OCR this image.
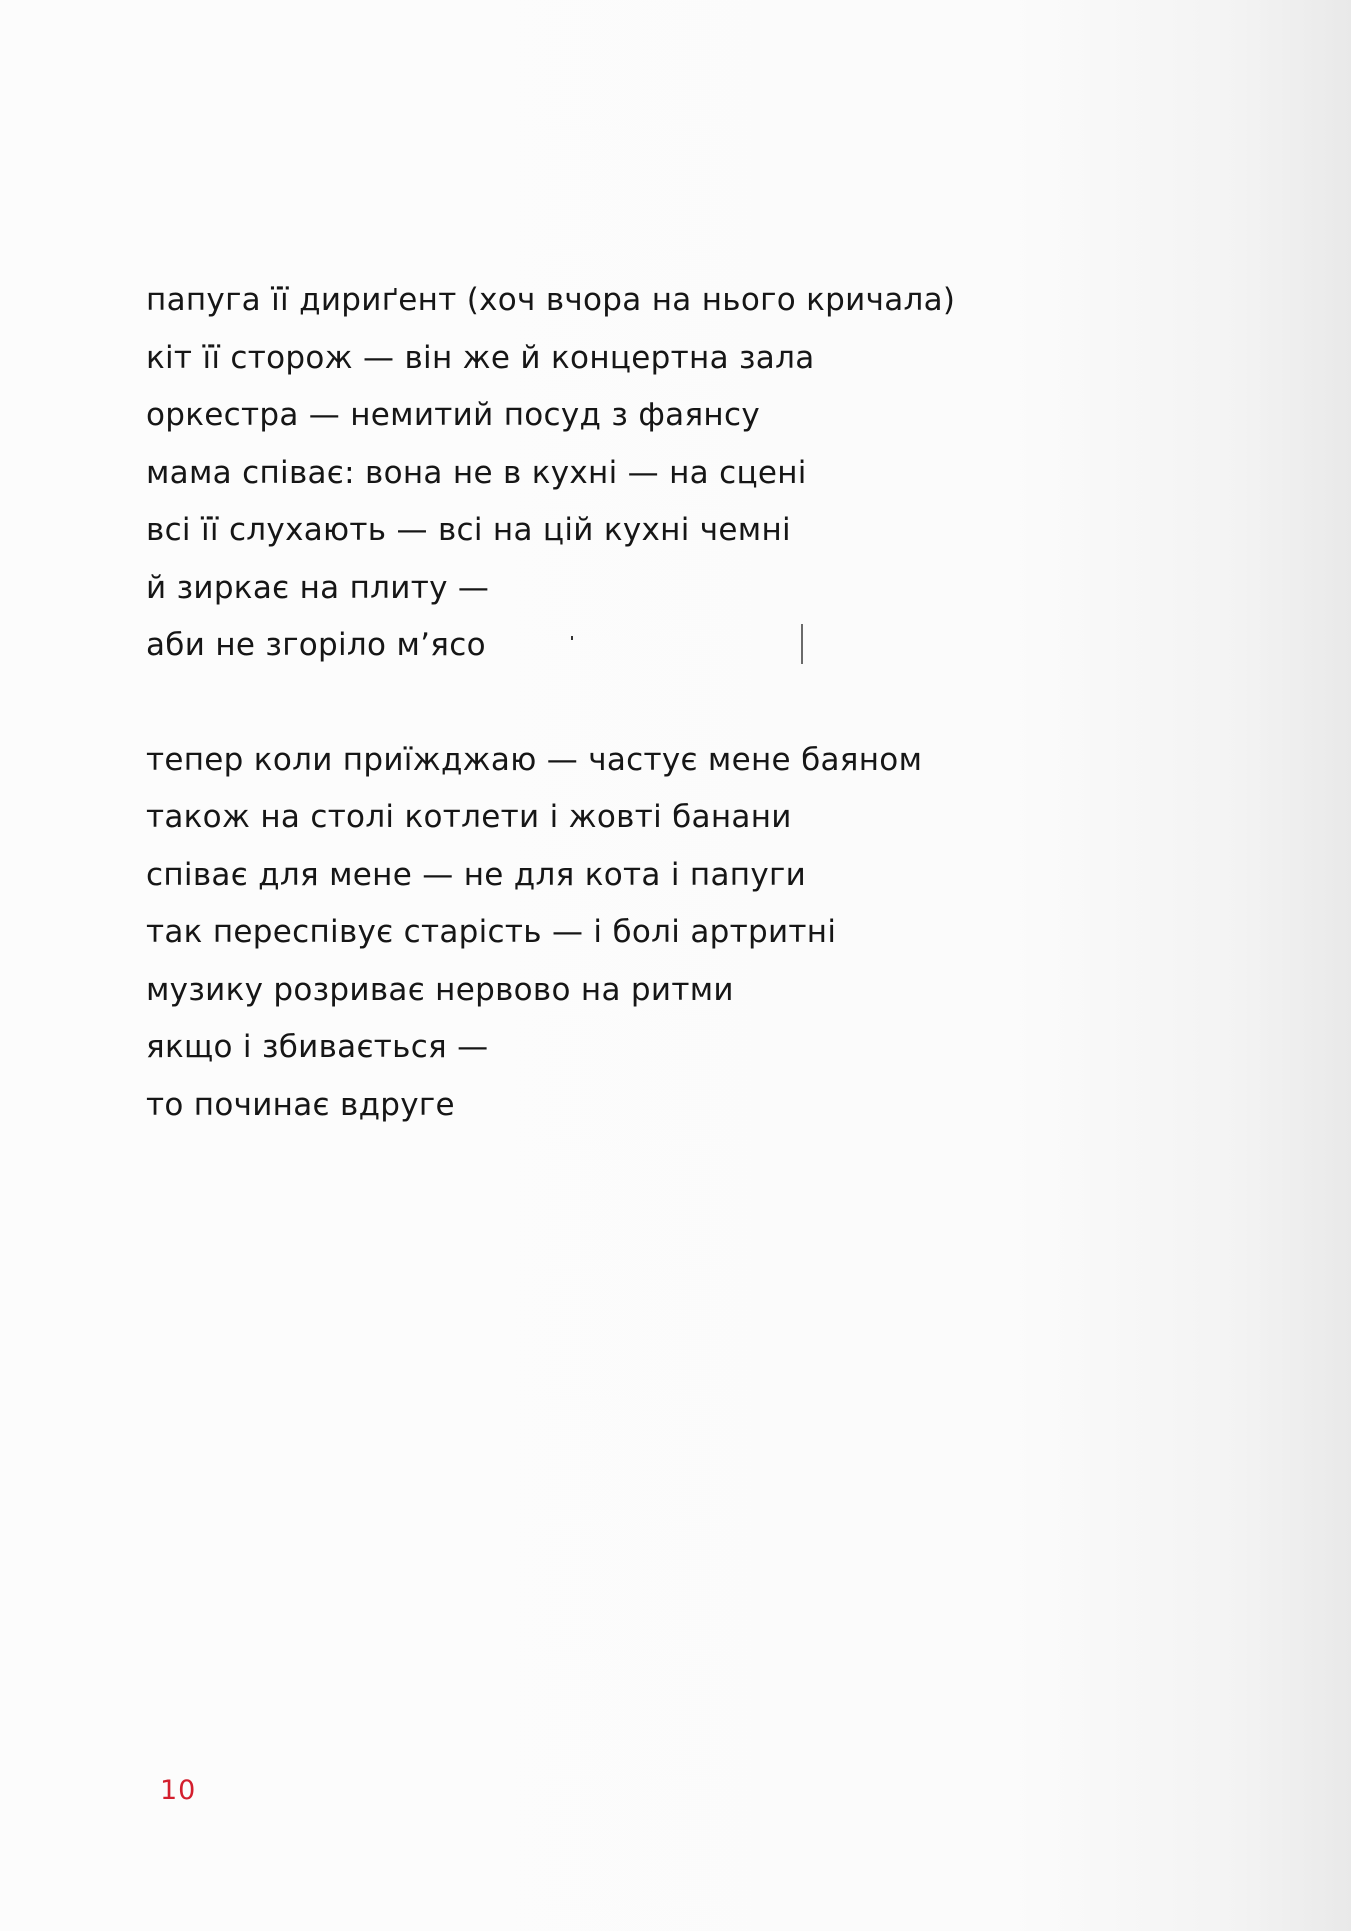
папуга її дириґент (хоч вчора на нього кричала)
кіт її сторож — він же й концертна зала
оркестра — немитий посуд з фаянсу
мама співає: вона не в кухні — на сцені
всі її слухають — всі на цій кухні чемні
й зиркає на плиту —
аби не згоріло м’ясо
тепер коли приїжджаю — частує мене баяном
також на столі котлети і жовті банани
співає для мене — не для кота і папуги
так переспівує старість — і болі артритні
музику розриває нервово на ритми
якщо і збивається —
то починає вдруге
10
